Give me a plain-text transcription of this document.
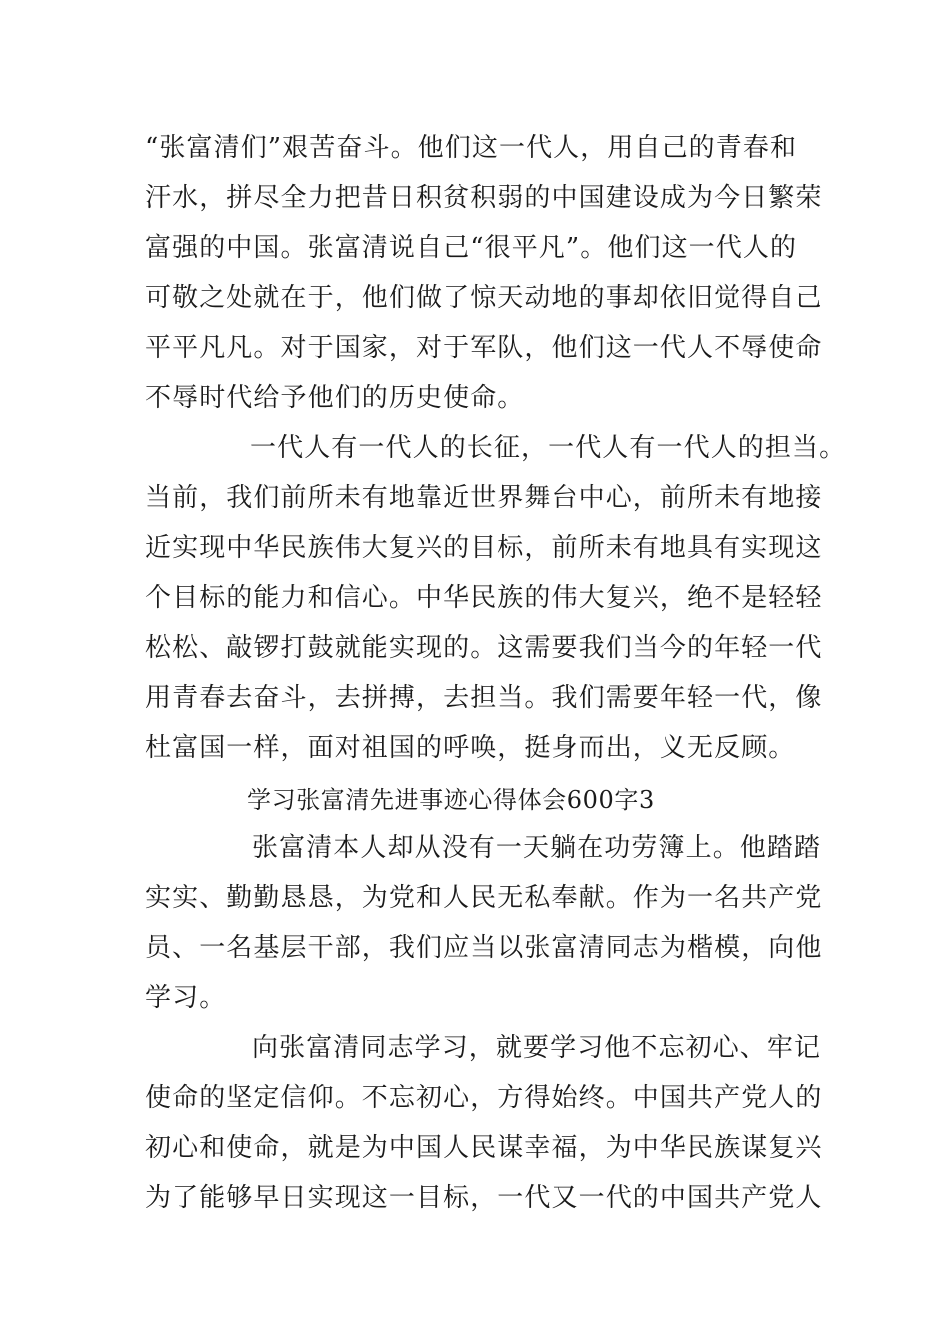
“张富清们”艰苦奋斗。他们这一代人，用自己的青春和
汗水，拼尽全力把昔日积贫积弱的中国建设成为今日繁荣
富强的中国。张富清说自己“很平凡”。他们这一代人的
可敬之处就在于，他们做了惊天动地的事却依旧觉得自己
平平凡凡。对于国家，对于军队，他们这一代人不辱使命
不辱时代给予他们的历史使命。
一代人有一代人的长征，一代人有一代人的担当。
当前，我们前所未有地靠近世界舞台中心，前所未有地接
近实现中华民族伟大复兴的目标，前所未有地具有实现这
个目标的能力和信心。中华民族的伟大复兴，绝不是轻轻
松松、敲锣打鼓就能实现的。这需要我们当今的年轻一代
用青春去奋斗，去拼搏，去担当。我们需要年轻一代，像
杜富国一样，面对祖国的呼唤，挺身而出，义无反顾。
学习张富清先进事迹心得体会600字3
张富清本人却从没有一天躺在功劳簿上。他踏踏
实实、勤勤恳恳，为党和人民无私奉献。作为一名共产党
员、一名基层干部，我们应当以张富清同志为楷模，向他
学习。
向张富清同志学习，就要学习他不忘初心、牢记
使命的坚定信仰。不忘初心，方得始终。中国共产党人的
初心和使命，就是为中国人民谋幸福，为中华民族谋复兴
为了能够早日实现这一目标，一代又一代的中国共产党人
